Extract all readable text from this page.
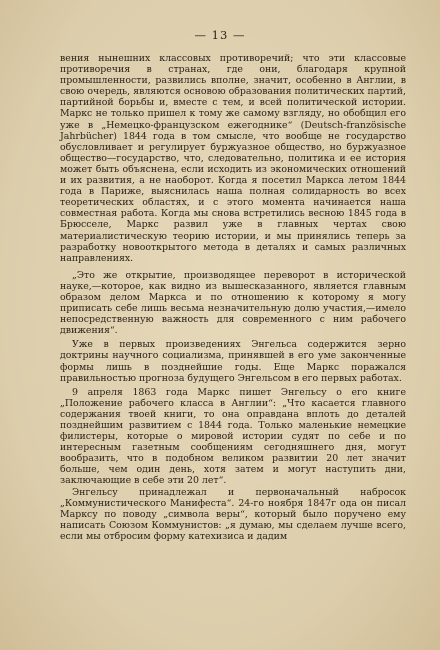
— 13 —

вения нынешних классовых противоречий; что эти классовые противоречия в странах, где они, благодаря крупной промышленности, развились вполне, значит, особенно в Англии, в свою очередь, являются основою образования политических партий, партийной борьбы и, вместе с тем, и всей политической истории. Маркс не только пришел к тому же самому взгляду, но обобщил его уже в „Немецко-французском ежегоднике“ (Deutsch-französische Jahrbücher) 1844 года в том смысле, что вообще не государство обусловливает и регулирует буржуазное общество, но буржуазное общество—государство, что, следовательно, политика и ее история может быть объяснена, если исходить из экономических отношений и их развития, а не наоборот. Когда я посетил Маркса летом 1844 года в Париже, выяснилась наша полная солидарность во всех теоретических областях, и с этого момента начинается наша совместная работа. Когда мы снова встретились весною 1845 года в Брюсселе, Маркс развил уже в главных чертах свою материалистическую теорию истории, и мы принялись теперь за разработку новооткрытого метода в деталях и самых различных направлениях.

„Это же открытие, производящее переворот в исторической науке,—которое, как видно из вышесказанного, является главным образом делом Маркса и по отношению к которому я могу приписать себе лишь весьма незначительную долю участия,—имело непосредственную важность для современного с ним рабочего движения“.

Уже в первых произведениях Энгельса содержится зерно доктрины научного социализма, принявшей в его уме законченные формы лишь в позднейшие годы. Еще Маркс поражался правильностью прогноза будущего Энгельсом в его первых работах.

9 апреля 1863 года Маркс пишет Энгельсу о его книге „Положение рабочего класса в Англии“: „Что касается главного содержания твоей книги, то она оправдана вплоть до деталей позднейшим развитием с 1844 года. Только маленькие немецкие филистеры, которые о мировой истории судят по себе и по интересным газетным сообщениям сегодняшнего дня, могут вообразить, что в подобном великом развитии 20 лет значит больше, чем один день, хотя затем и могут наступить дни, заключающие в себе эти 20 лет“.

Энгельсу принадлежал и первоначальный набросок „Коммунистического Манифеста“. 24-го ноября 1847г ода он писал Марксу по поводу „символа веры“, который было поручено ему написать Союзом Коммунистов: „я думаю, мы сделаем лучше всего, если мы отбросим форму катехизиса и дадим
